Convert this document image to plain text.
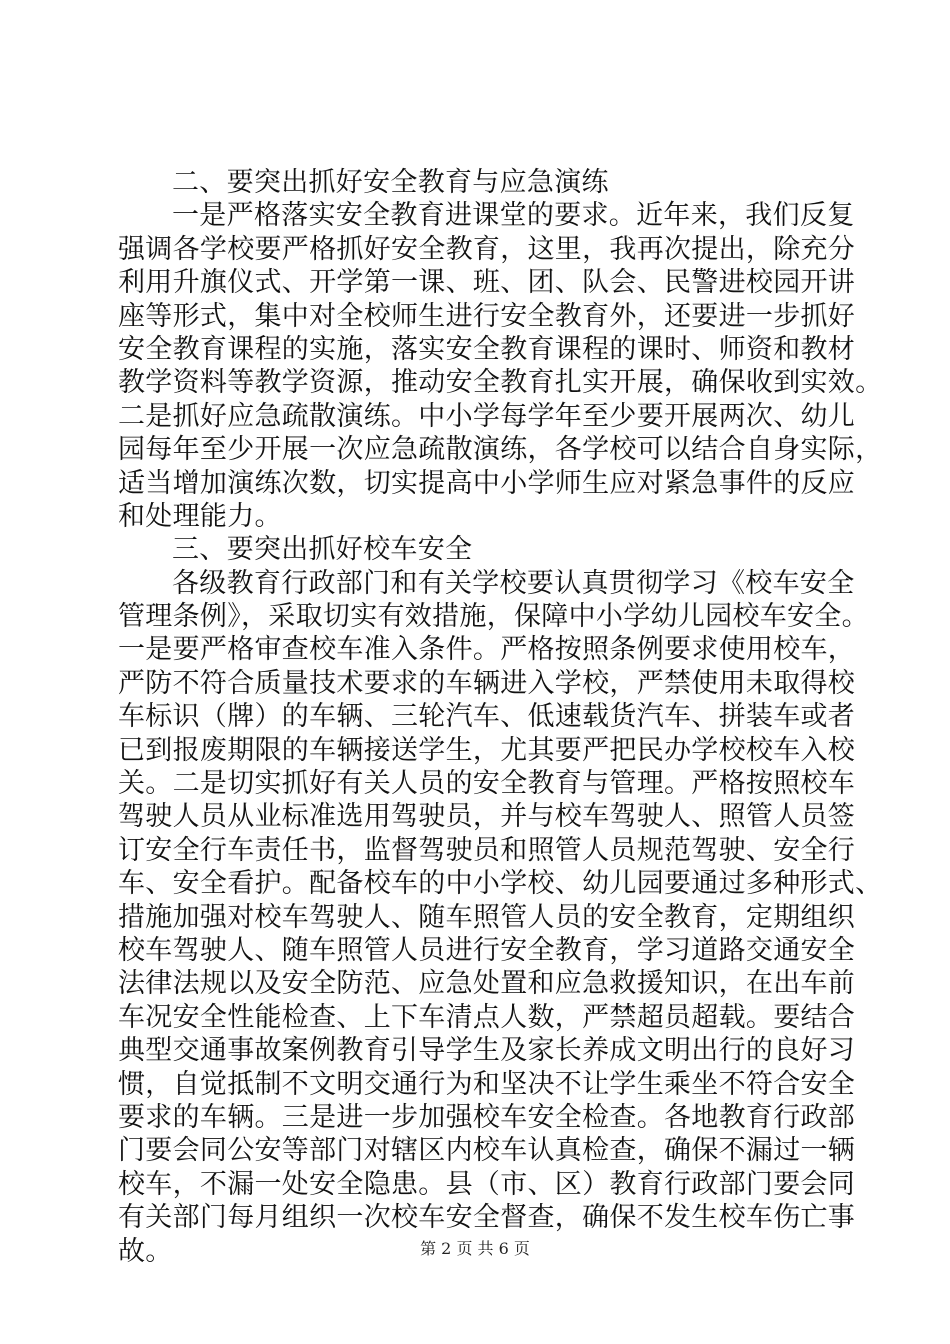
二、要突出抓好安全教育与应急演练
一是严格落实安全教育进课堂的要求。近年来，我们反复
强调各学校要严格抓好安全教育，这里，我再次提出，除充分
利用升旗仪式、开学第一课、班、团、队会、民警进校园开讲
座等形式，集中对全校师生进行安全教育外，还要进一步抓好
安全教育课程的实施，落实安全教育课程的课时、师资和教材
教学资料等教学资源，推动安全教育扎实开展，确保收到实效。
二是抓好应急疏散演练。中小学每学年至少要开展两次、幼儿
园每年至少开展一次应急疏散演练，各学校可以结合自身实际，
适当增加演练次数，切实提高中小学师生应对紧急事件的反应
和处理能力。
三、要突出抓好校车安全
各级教育行政部门和有关学校要认真贯彻学习《校车安全
管理条例》，采取切实有效措施，保障中小学幼儿园校车安全。
一是要严格审查校车准入条件。严格按照条例要求使用校车，
严防不符合质量技术要求的车辆进入学校，严禁使用未取得校
车标识（牌）的车辆、三轮汽车、低速载货汽车、拼装车或者
已到报废期限的车辆接送学生，尤其要严把民办学校校车入校
关。二是切实抓好有关人员的安全教育与管理。严格按照校车
驾驶人员从业标准选用驾驶员，并与校车驾驶人、照管人员签
订安全行车责任书，监督驾驶员和照管人员规范驾驶、安全行
车、安全看护。配备校车的中小学校、幼儿园要通过多种形式、
措施加强对校车驾驶人、随车照管人员的安全教育，定期组织
校车驾驶人、随车照管人员进行安全教育，学习道路交通安全
法律法规以及安全防范、应急处置和应急救援知识，在出车前
车况安全性能检查、上下车清点人数，严禁超员超载。要结合
典型交通事故案例教育引导学生及家长养成文明出行的良好习
惯，自觉抵制不文明交通行为和坚决不让学生乘坐不符合安全
要求的车辆。三是进一步加强校车安全检查。各地教育行政部
门要会同公安等部门对辖区内校车认真检查，确保不漏过一辆
校车，不漏一处安全隐患。县（市、区）教育行政部门要会同
有关部门每月组织一次校车安全督查，确保不发生校车伤亡事
故。	第 2 页 共 6 页
